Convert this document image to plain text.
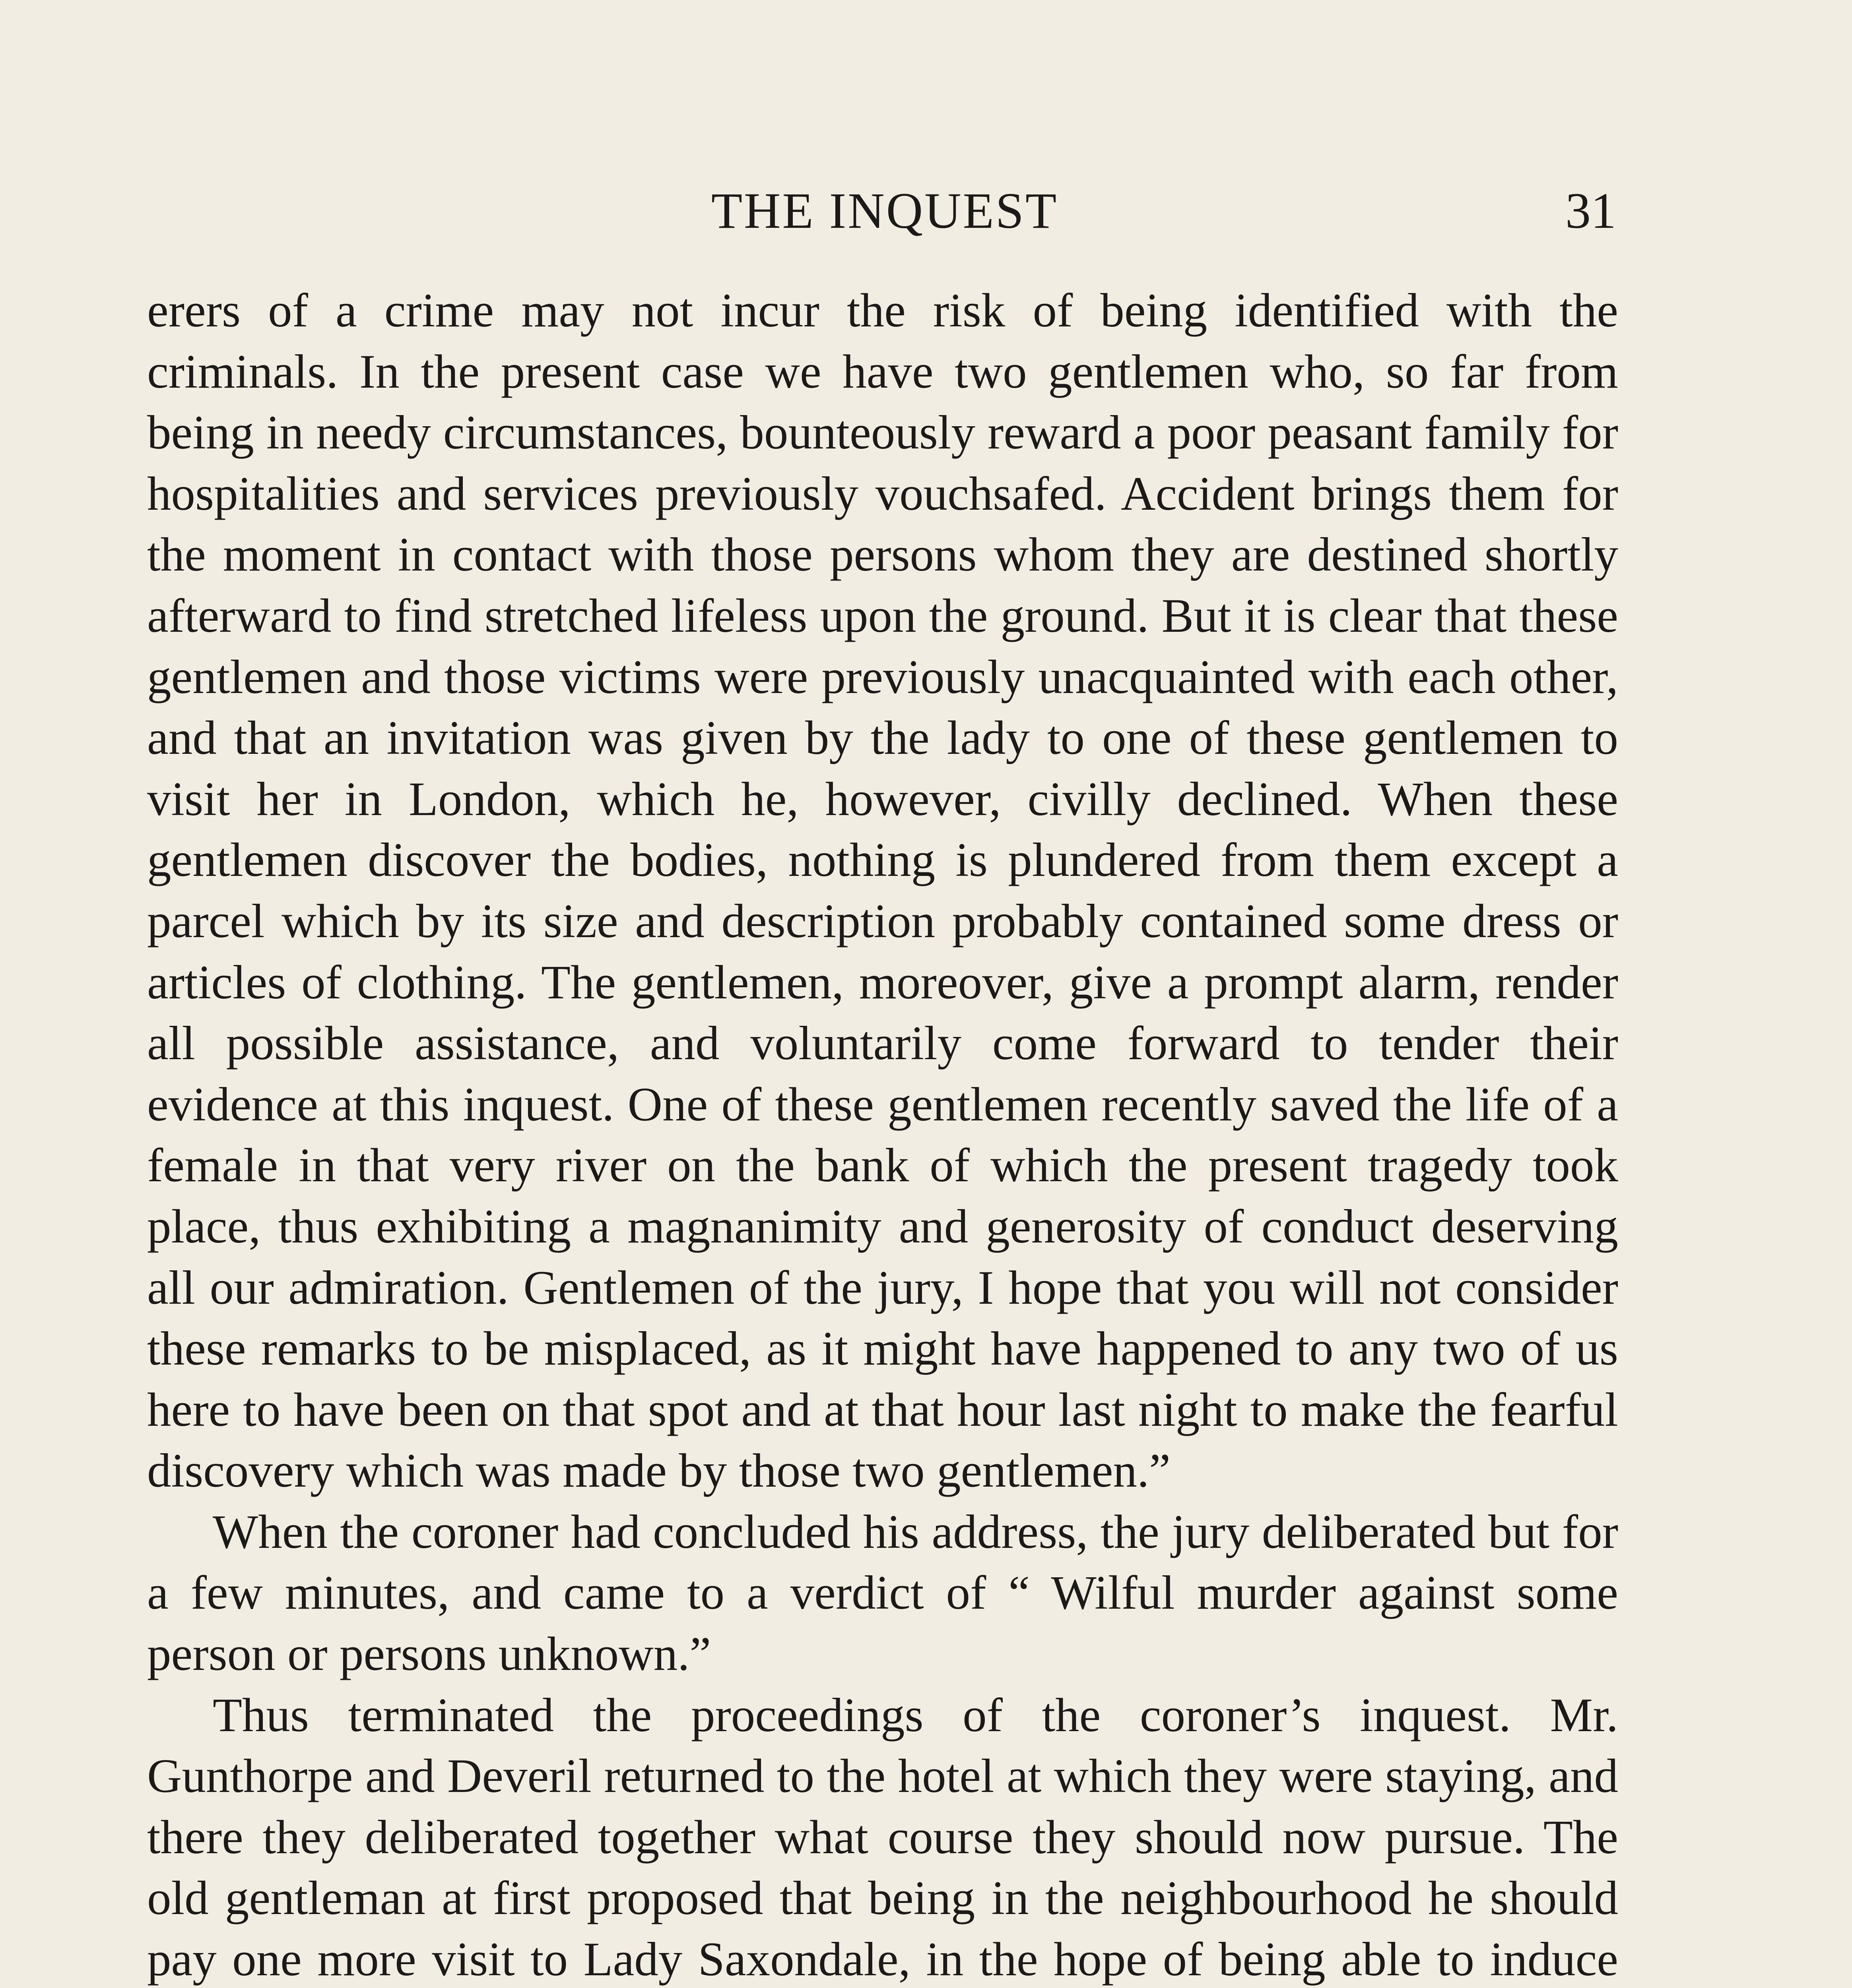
THE INQUEST	31

erers of a crime may not incur the risk of being identified with the criminals. In the present case we have two gentlemen who, so far from being in needy circumstances, bounteously reward a poor peasant family for hospitalities and services previously vouchsafed. Accident brings them for the moment in contact with those persons whom they are destined shortly afterward to find stretched lifeless upon the ground. But it is clear that these gentlemen and those victims were previously unacquainted with each other, and that an invitation was given by the lady to one of these gentlemen to visit her in London, which he, however, civilly declined. When these gentlemen discover the bodies, nothing is plundered from them except a parcel which by its size and description probably contained some dress or articles of clothing. The gentlemen, moreover, give a prompt alarm, render all possible assistance, and voluntarily come forward to tender their evidence at this inquest. One of these gentlemen recently saved the life of a female in that very river on the bank of which the present tragedy took place, thus exhibiting a magnanimity and generosity of conduct deserving all our admiration. Gentlemen of the jury, I hope that you will not consider these remarks to be misplaced, as it might have happened to any two of us here to have been on that spot and at that hour last night to make the fearful discovery which was made by those two gentlemen.”

When the coroner had concluded his address, the jury deliberated but for a few minutes, and came to a verdict of “ Wilful murder against some person or persons unknown.”

Thus terminated the proceedings of the coroner’s inquest. Mr. Gunthorpe and Deveril returned to the hotel at which they were staying, and there they deliberated together what course they should now pursue. The old gentleman at first proposed that being in the neighbourhood he should pay one more visit to Lady Saxondale, in the hope of being able to induce
